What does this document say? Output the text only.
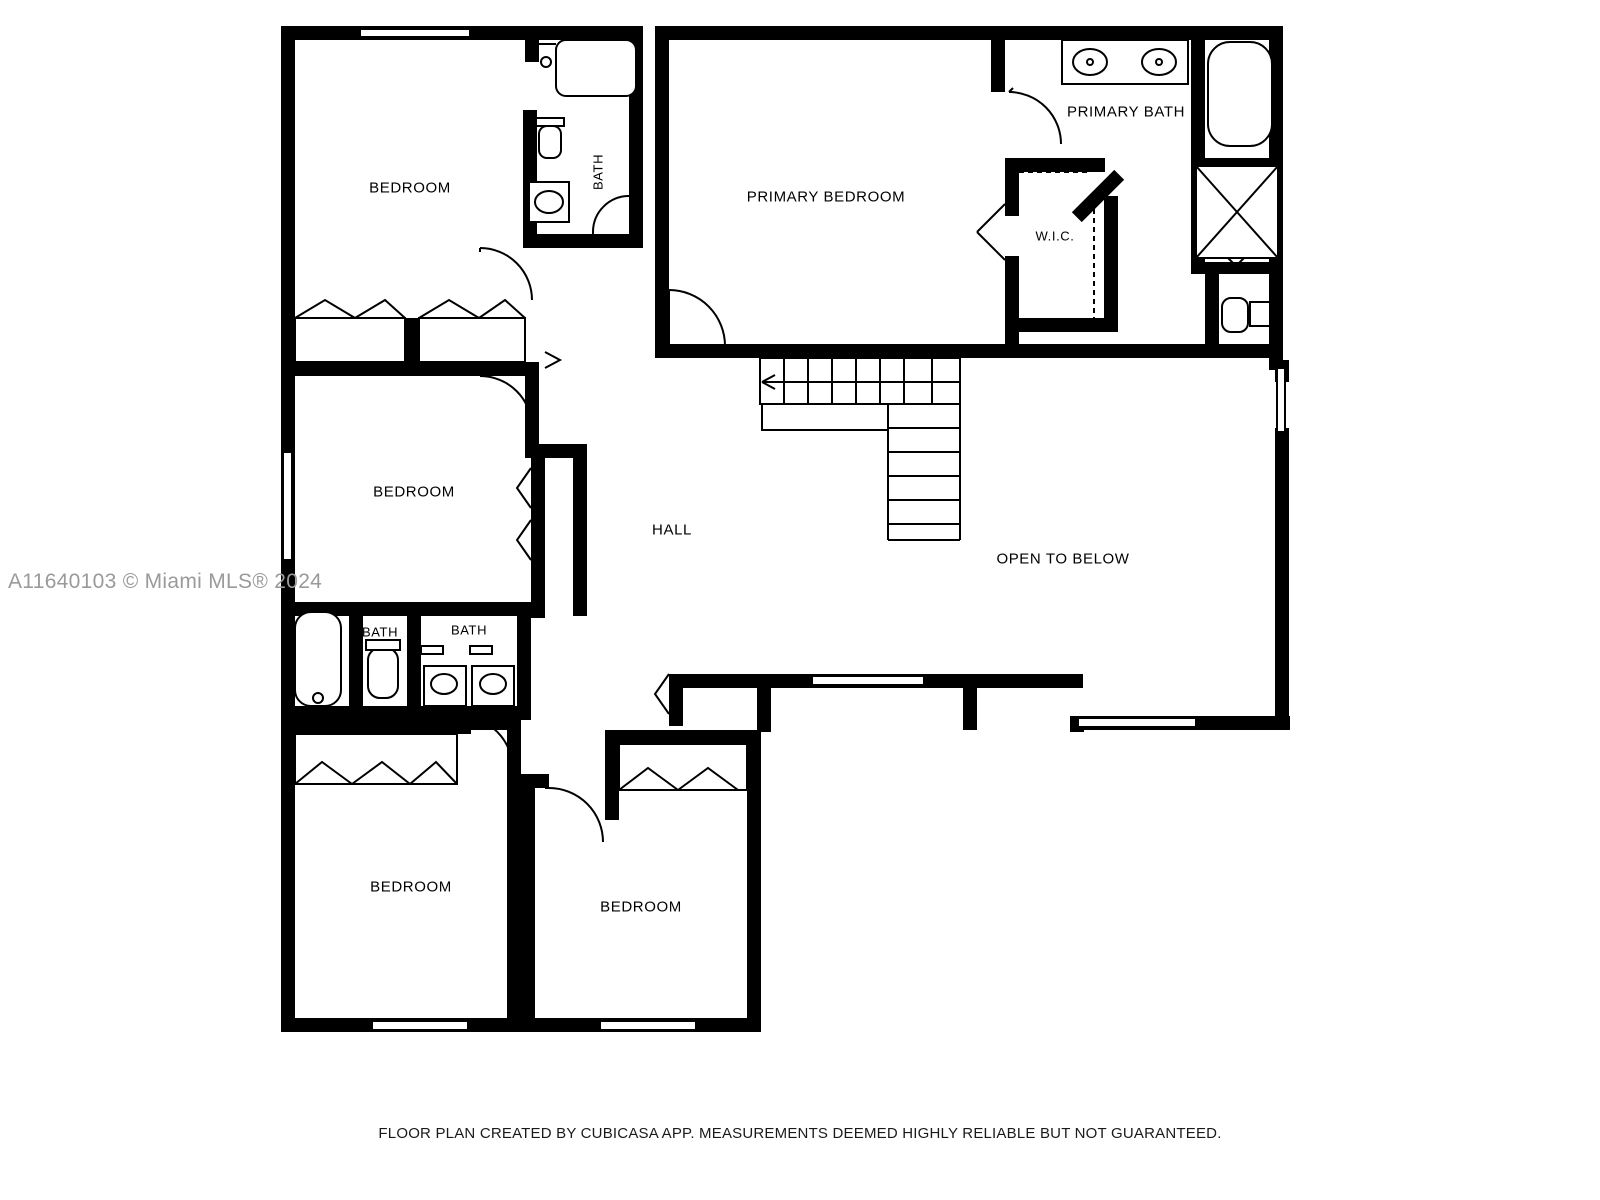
BEDROOM	BATH
PRIMARY BEDROOM
PRIMARY BATH
W.I.C.
BEDROOM
HALL
OPEN TO BELOW
BATH	BATH
BEDROOM
BEDROOM
A11640103 © Miami MLS® 2024
FLOOR PLAN CREATED BY CUBICASA APP. MEASUREMENTS DEEMED HIGHLY RELIABLE BUT NOT GUARANTEED.
